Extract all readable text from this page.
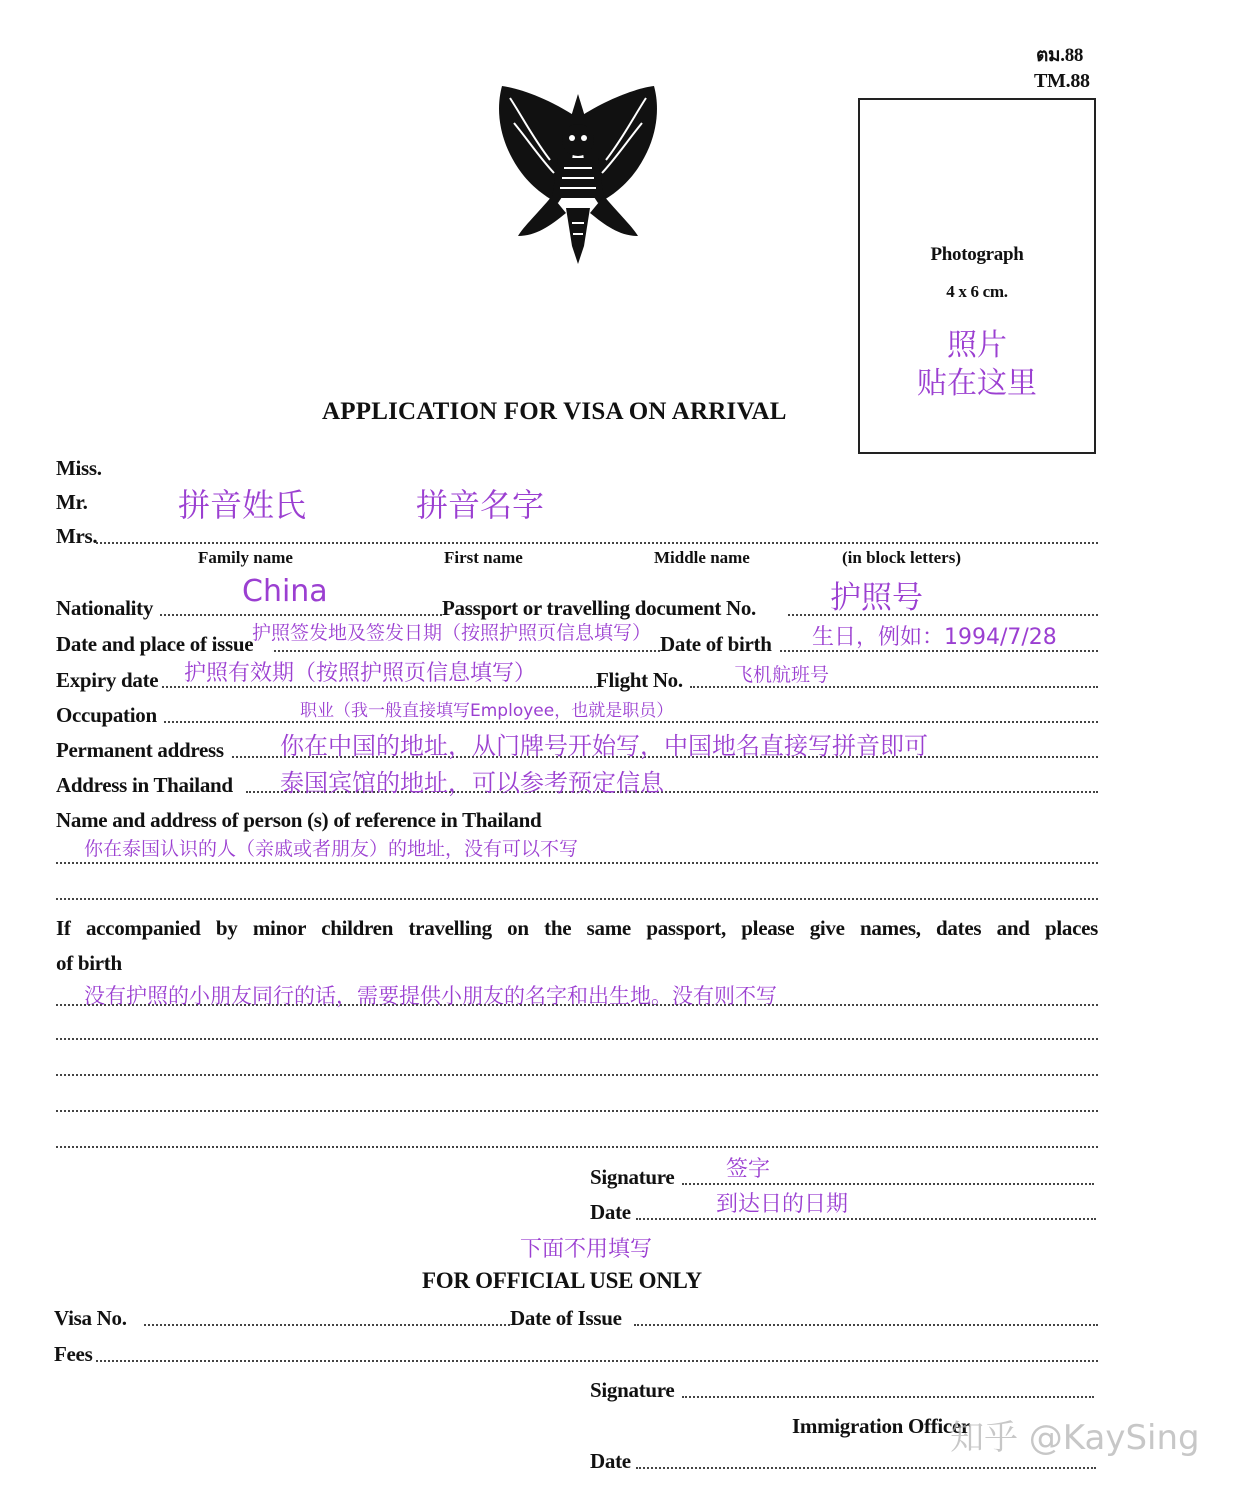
ตม.88
TM.88
Photograph
4 x 6 cm.
照片
贴在这里
APPLICATION FOR VISA ON ARRIVAL
Miss.
Mr.
Mrs.
拼音姓氏	拼音名字
Family name	First name	Middle name	(in block letters)
Nationality	China	Passport or travelling document No. 护照号
Date and place of issue
护照签发地及签发日期（按照护照页信息填写） Date of birth 生日，例如：1994/7/28
Expiry date 护照有效期（按照护照页信息填写）	Flight No.	飞机航班号
Occupation	职业（我一般直接填写Employee，也就是职员）
Permanent address 你在中国的地址，从门牌号开始写，中国地名直接写拼音即可
Address in Thailand 泰国宾馆的地址，可以参考预定信息
Name and address of person (s) of reference in Thailand
你在泰国认识的人（亲戚或者朋友）的地址，没有可以不写
If accompanied by minor children travelling on the same passport, please give names, dates and places
of birth
没有护照的小朋友同行的话，需要提供小朋友的名字和出生地。没有则不写
Signature 签字
Date	到达日的日期
下面不用填写
FOR OFFICIAL USE ONLY
Visa No.	Date of Issue
Fees
Signature
Immigration Officer
Date
知乎 @KaySing
